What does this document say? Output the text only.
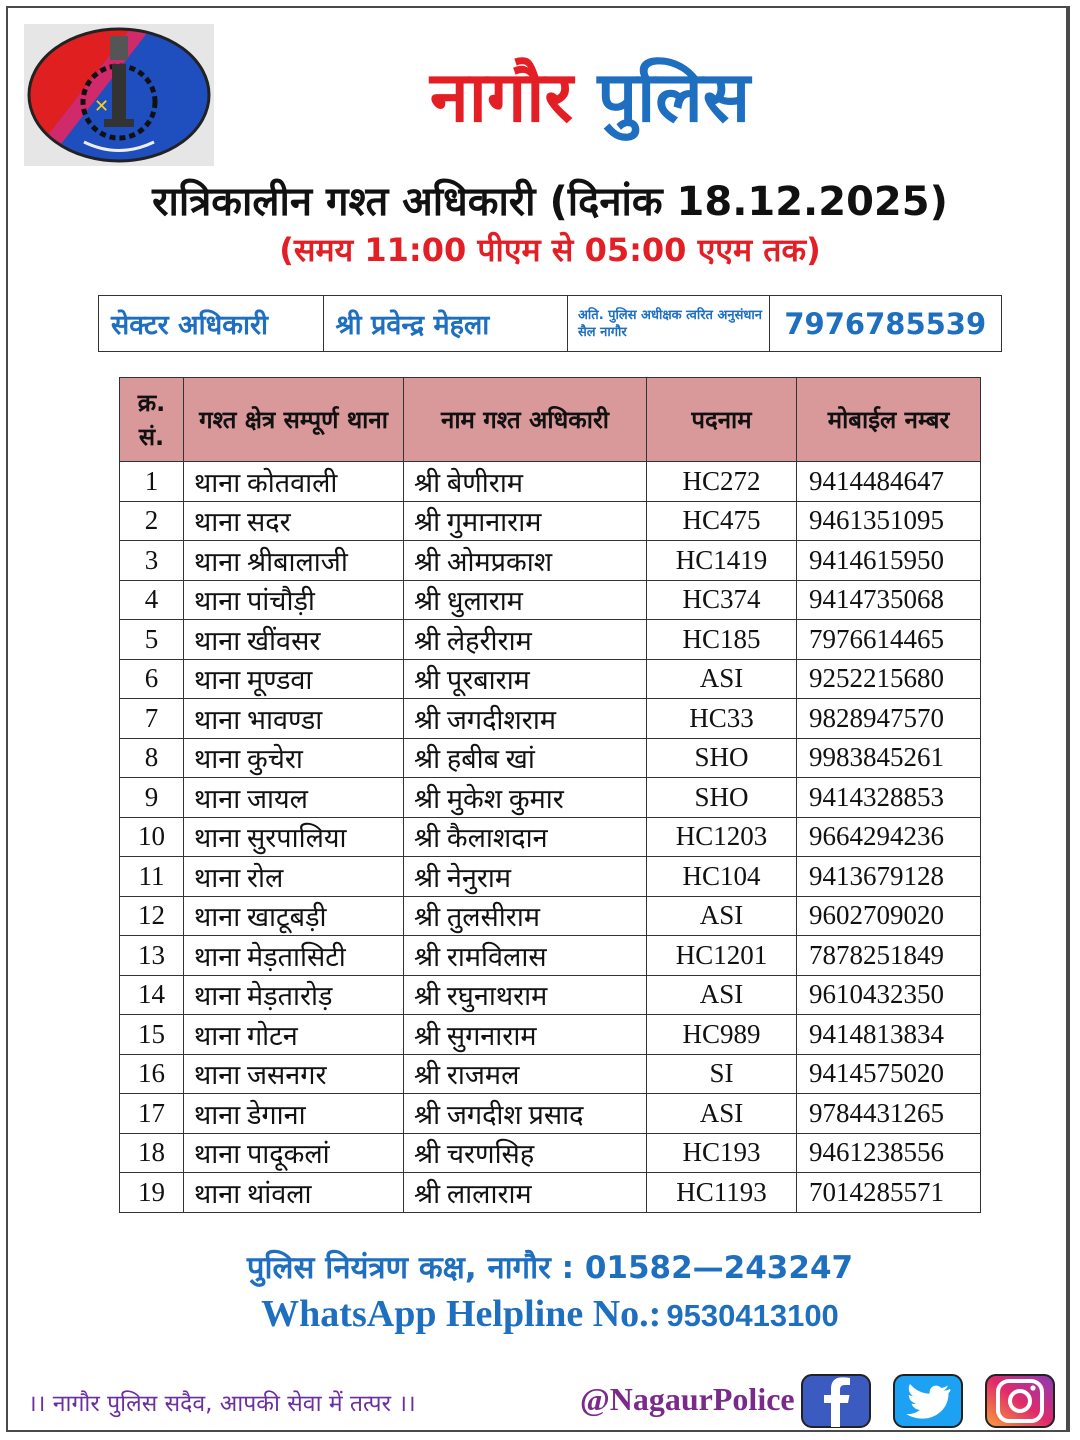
✕	नागौर पुलिस
रात्रिकालीन गश्त अधिकारी (दिनांक 18.12.2025)
(समय 11:00 पीएम से 05:00 एएम तक)
सेक्टर अधिकारी	श्री प्रवेन्द्र मेहला	अति. पुलिस अधीक्षक त्वरित अनुसंधान सैल नागौर	7976785539
क्र. सं.	गश्त क्षेत्र सम्पूर्ण थाना	नाम गश्त अधिकारी	पदनाम	मोबाईल नम्बर
1	थाना कोतवाली	श्री बेणीराम	HC272	9414484647
2	थाना सदर	श्री गुमानाराम	HC475	9461351095
3	थाना श्रीबालाजी	श्री ओमप्रकाश	HC1419	9414615950
4	थाना पांचौड़ी	श्री धुलाराम	HC374	9414735068
5	थाना खींवसर	श्री लेहरीराम	HC185	7976614465
6	थाना मूण्डवा	श्री पूरबाराम	ASI	9252215680
7	थाना भावण्डा	श्री जगदीशराम	HC33	9828947570
8	थाना कुचेरा	श्री हबीब खां	SHO	9983845261
9	थाना जायल	श्री मुकेश कुमार	SHO	9414328853
10	थाना सुरपालिया	श्री कैलाशदान	HC1203	9664294236
11	थाना रोल	श्री नेनुराम	HC104	9413679128
12	थाना खाटूबड़ी	श्री तुलसीराम	ASI	9602709020
13	थाना मेड़तासिटी	श्री रामविलास	HC1201	7878251849
14	थाना मेड़तारोड़	श्री रघुनाथराम	ASI	9610432350
15	थाना गोटन	श्री सुगनाराम	HC989	9414813834
16	थाना जसनगर	श्री राजमल	SI	9414575020
17	थाना डेगाना	श्री जगदीश प्रसाद	ASI	9784431265
18	थाना पादूकलां	श्री चरणसिह	HC193	9461238556
19	थाना थांवला	श्री लालाराम	HC1193	7014285571
पुलिस नियंत्रण कक्ष, नागौर : 01582—243247
WhatsApp Helpline No.: 9530413100
।। नागौर पुलिस सदैव, आपकी सेवा में तत्पर ।।	@NagaurPolice
